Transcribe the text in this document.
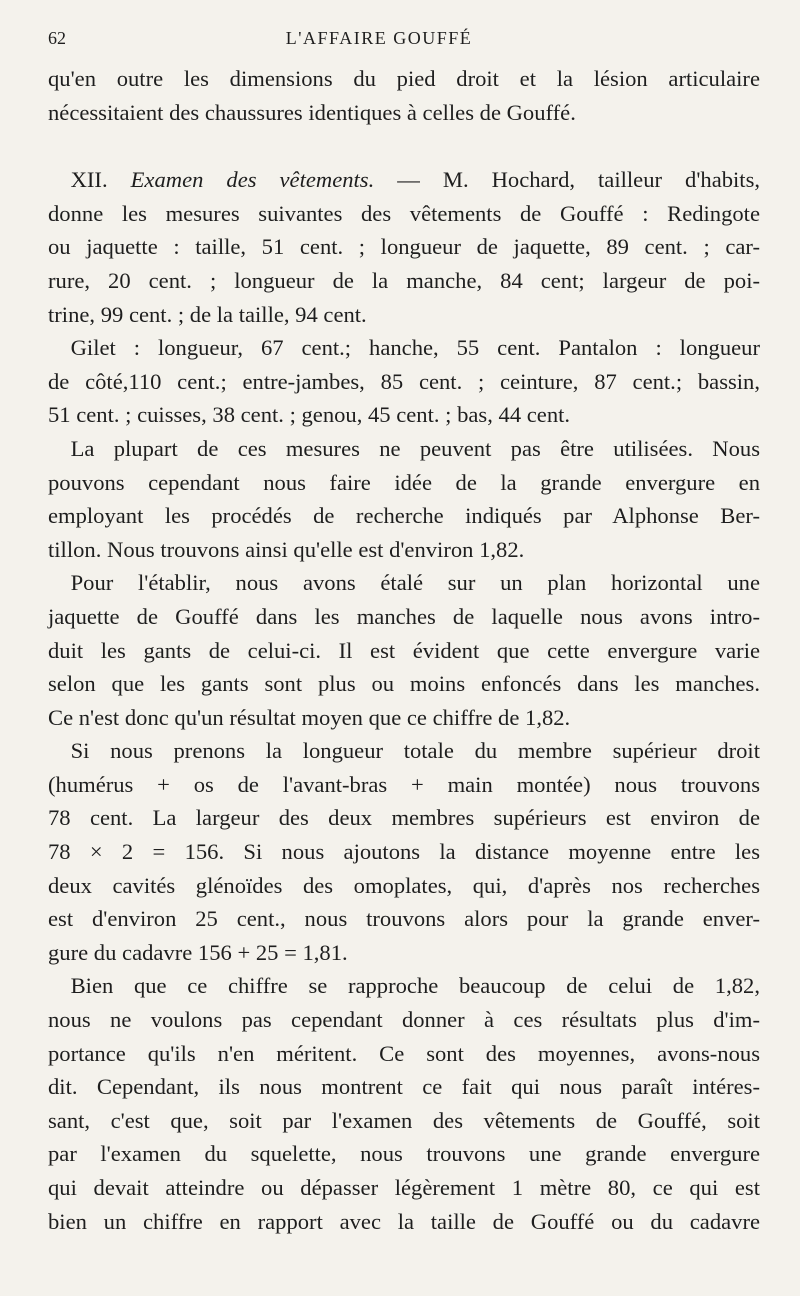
62	L'AFFAIRE GOUFFÉ

qu'en outre les dimensions du pied droit et la lésion articulaire
nécessitaient des chaussures identiques à celles de Gouffé.

  XII. Examen des vêtements. — M. Hochard, tailleur d'habits,
donne les mesures suivantes des vêtements de Gouffé : Redingote
ou jaquette : taille, 51 cent. ; longueur de jaquette, 89 cent. ; car-
rure, 20 cent. ; longueur de la manche, 84 cent; largeur de poi-
trine, 99 cent. ; de la taille, 94 cent.

  Gilet : longueur, 67 cent.; hanche, 55 cent. Pantalon : longueur
de côté,110 cent.; entre-jambes, 85 cent. ; ceinture, 87 cent.; bassin,
51 cent. ; cuisses, 38 cent. ; genou, 45 cent. ; bas, 44 cent.

  La plupart de ces mesures ne peuvent pas être utilisées. Nous
pouvons cependant nous faire idée de la grande envergure en
employant les procédés de recherche indiqués par Alphonse Ber-
tillon. Nous trouvons ainsi qu'elle est d'environ 1,82.

  Pour l'établir, nous avons étalé sur un plan horizontal une
jaquette de Gouffé dans les manches de laquelle nous avons intro-
duit les gants de celui-ci. Il est évident que cette envergure varie
selon que les gants sont plus ou moins enfoncés dans les manches.
Ce n'est donc qu'un résultat moyen que ce chiffre de 1,82.

  Si nous prenons la longueur totale du membre supérieur droit
(humérus + os de l'avant-bras + main montée) nous trouvons
78 cent. La largeur des deux membres supérieurs est environ de
78 × 2 = 156. Si nous ajoutons la distance moyenne entre les
deux cavités glénoïdes des omoplates, qui, d'après nos recherches
est d'environ 25 cent., nous trouvons alors pour la grande enver-
gure du cadavre 156 + 25 = 1,81.

  Bien que ce chiffre se rapproche beaucoup de celui de 1,82,
nous ne voulons pas cependant donner à ces résultats plus d'im-
portance qu'ils n'en méritent. Ce sont des moyennes, avons-nous
dit. Cependant, ils nous montrent ce fait qui nous paraît intéres-
sant, c'est que, soit par l'examen des vêtements de Gouffé, soit
par l'examen du squelette, nous trouvons une grande envergure
qui devait atteindre ou dépasser légèrement 1 mètre 80, ce qui est
bien un chiffre en rapport avec la taille de Gouffé ou du cadavre
